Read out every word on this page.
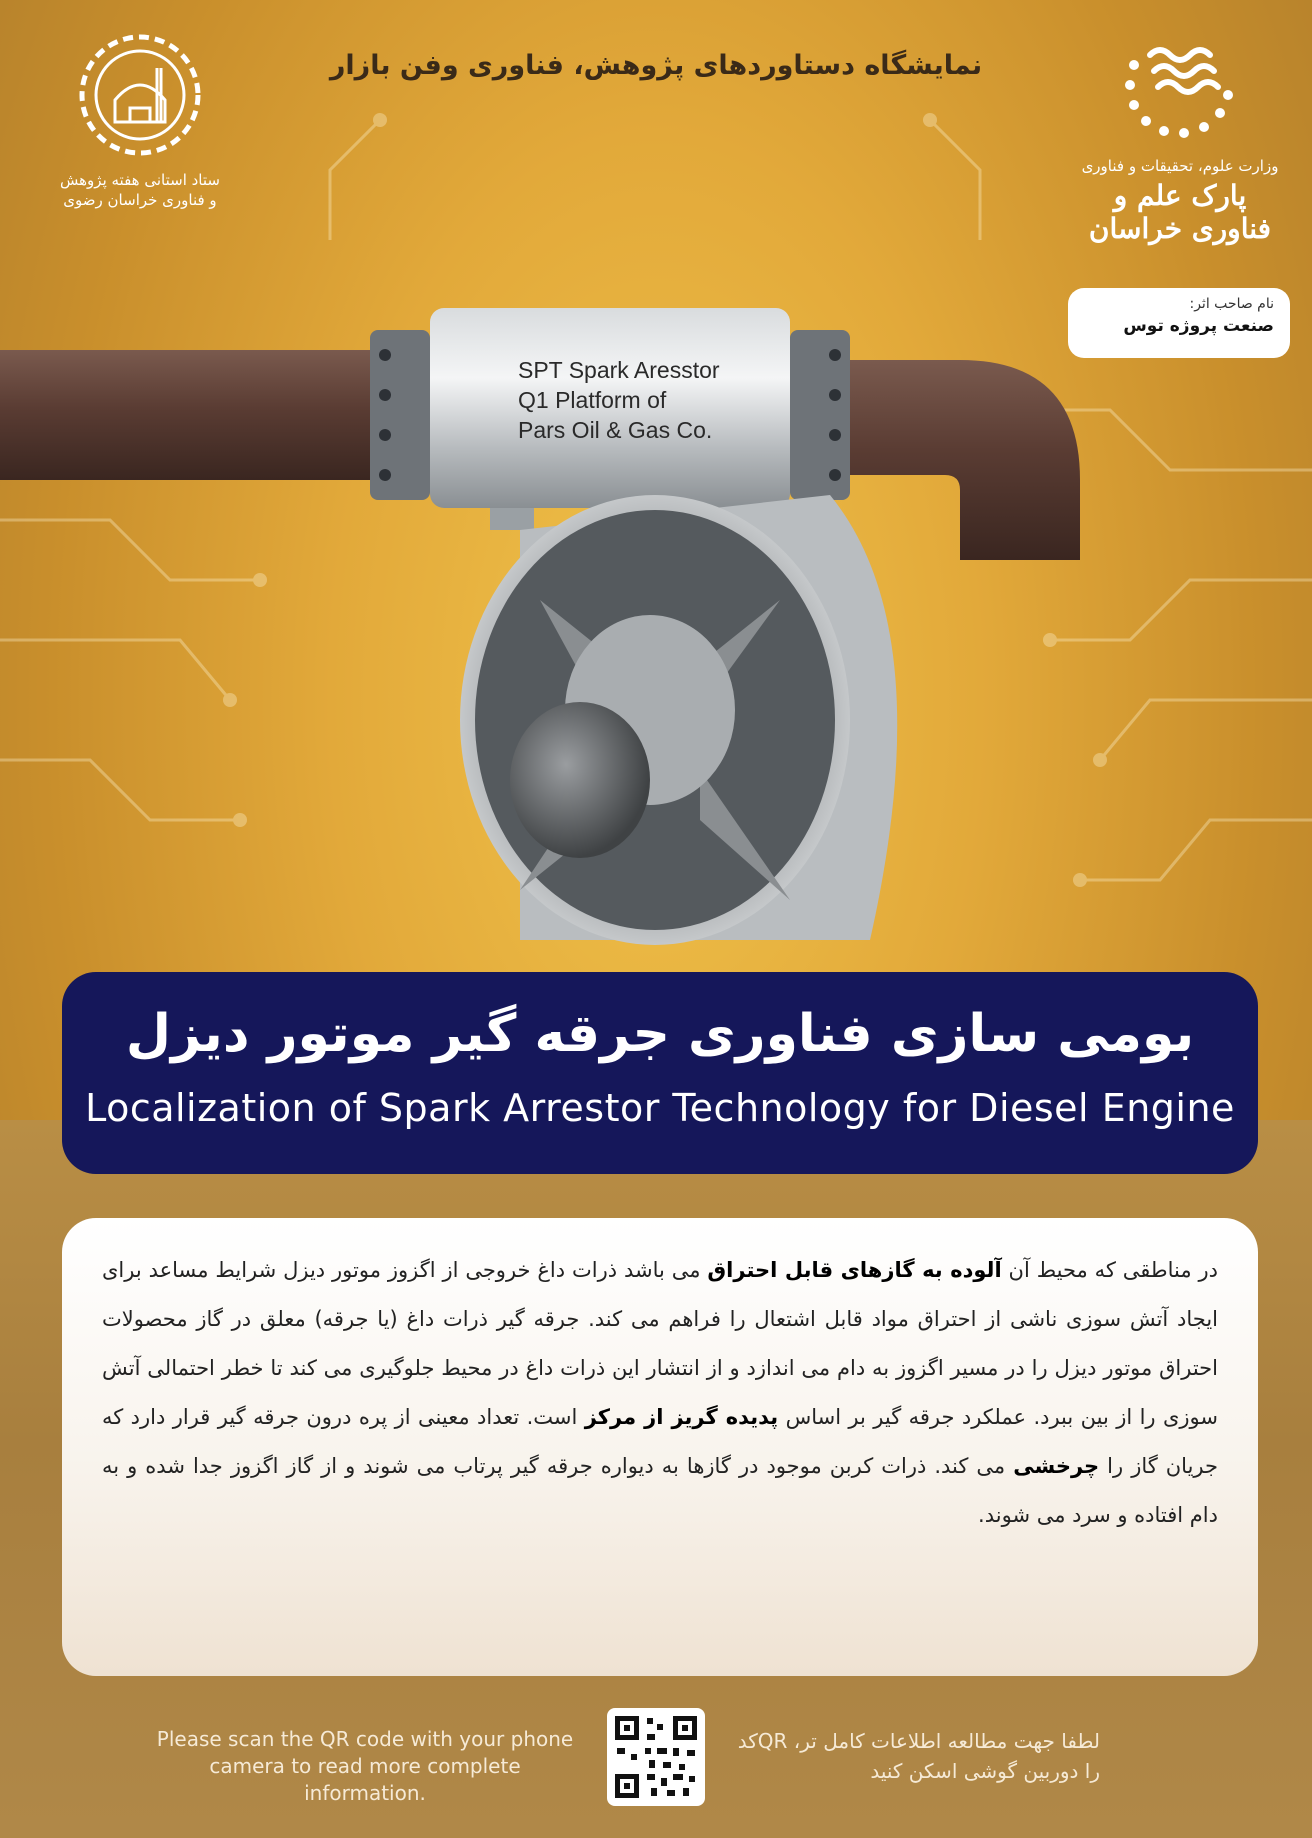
ستاد استانی هفته پژوهش
و فناوری خراسان رضوی
نمایشگاه دستاوردهای پژوهش، فناوری وفن بازار
وزارت علوم، تحقیقات و فناوری
پارک علم و فناوری خراسان
نام صاحب اثر:
صنعت پروژه توس
SPT Spark Aresstor
Q1 Platform of
Pars Oil & Gas Co.
بومی سازی فناوری جرقه گیر موتور دیزل
Localization of Spark Arrestor Technology for Diesel Engine
در مناطقی که محیط آن آلوده به گازهای قابل احتراق می باشد ذرات داغ خروجی از اگزوز موتور دیزل شرایط مساعد برای ایجاد آتش سوزی ناشی از احتراق مواد قابل اشتعال را فراهم می کند. جرقه گیر ذرات داغ (یا جرقه) معلق در گاز محصولات احتراق موتور دیزل را در مسیر اگزوز به دام می اندازد و از انتشار این ذرات داغ در محیط جلوگیری می کند تا خطر احتمالی آتش سوزی را از بین ببرد. عملکرد جرقه گیر بر اساس پدیده گریز از مرکز است. تعداد معینی از پره درون جرقه گیر قرار دارد که جریان گاز را چرخشی می کند. ذرات کربن موجود در گازها به دیواره جرقه گیر پرتاب می شوند و از گاز اگزوز جدا شده و به دام افتاده و سرد می شوند.
Please scan the QR code with your phone camera to read more complete information.
لطفا جهت مطالعه اطلاعات کامل تر، QRکد را دوربین گوشی اسکن کنید
